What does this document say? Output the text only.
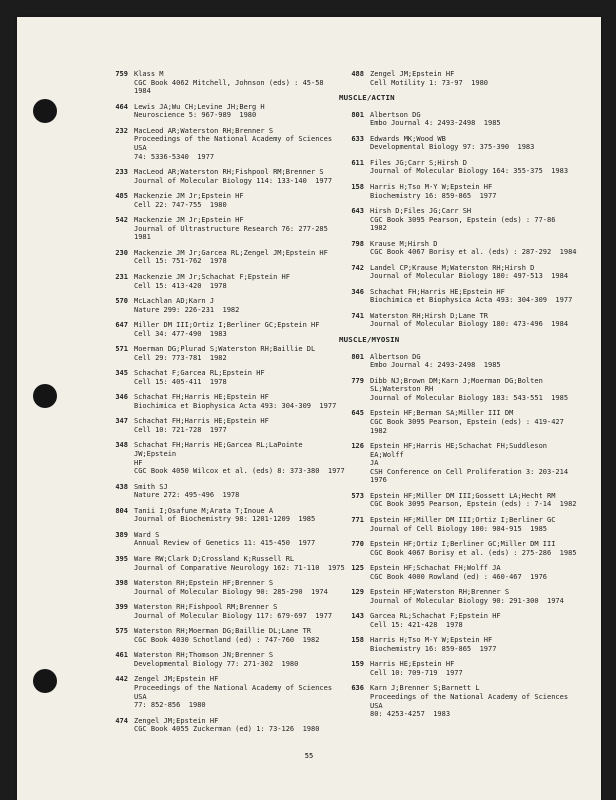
759 Klass M
CGC Book 4062 Mitchell, Johnson (eds) : 45-58  1984
464 Lewis JA;Wu CH;Levine JH;Berg H
Neuroscience 5: 967-989  1980
232 MacLeod AR;Waterston RH;Brenner S
Proceedings of the National Academy of Sciences USA
74: 5336-5340  1977
233 MacLeod AR;Waterston RH;Fishpool RM;Brenner S
Journal of Molecular Biology 114: 133-140  1977
485 Mackenzie JM Jr;Epstein HF
Cell 22: 747-755  1980
542 Mackenzie JM Jr;Epstein HF
Journal of Ultrastructure Research 76: 277-285  1981
230 Mackenzie JM Jr;Garcea RL;Zengel JM;Epstein HF
Cell 15: 751-762  1978
231 Mackenzie JM Jr;Schachat F;Epstein HF
Cell 15: 413-420  1978
570 McLachlan AD;Karn J
Nature 299: 226-231  1982
647 Miller DM III;Ortiz I;Berliner GC;Epstein HF
Cell 34: 477-490  1983
571 Moerman DG;Plurad S;Waterston RH;Baillie DL
Cell 29: 773-781  1982
345 Schachat F;Garcea RL;Epstein HF
Cell 15: 405-411  1978
346 Schachat FH;Harris HE;Epstein HF
Biochimica et Biophysica Acta 493: 304-309  1977
347 Schachat FH;Harris HE;Epstein HF
Cell 10: 721-728  1977
348 Schachat FH;Harris HE;Garcea RL;LaPointe JW;Epstein
HF
CGC Book 4050 Wilcox et al. (eds) 8: 373-380  1977
438 Smith SJ
Nature 272: 495-496  1978
804 Tanii I;Osafune M;Arata T;Inoue A
Journal of Biochemistry 98: 1201-1209  1985
389 Ward S
Annual Review of Genetics 11: 415-450  1977
395 Ware RW;Clark D;Crossland K;Russell RL
Journal of Comparative Neurology 162: 71-110  1975
398 Waterston RH;Epstein HF;Brenner S
Journal of Molecular Biology 90: 285-290  1974
399 Waterston RH;Fishpool RM;Brenner S
Journal of Molecular Biology 117: 679-697  1977
575 Waterston RH;Moerman DG;Baillie DL;Lane TR
CGC Book 4030 Schotland (ed) : 747-760  1982
461 Waterston RH;Thomson JN;Brenner S
Developmental Biology 77: 271-302  1980
442 Zengel JM;Epstein HF
Proceedings of the National Academy of Sciences USA
77: 852-856  1980
474 Zengel JM;Epstein HF
CGC Book 4055 Zuckerman (ed) 1: 73-126  1980
488 Zengel JM;Epstein HF
Cell Motility 1: 73-97  1980
MUSCLE/ACTIN
801 Albertson DG
Embo Journal 4: 2493-2498  1985
633 Edwards MK;Wood WB
Developmental Biology 97: 375-390  1983
611 Files JG;Carr S;Hirsh D
Journal of Molecular Biology 164: 355-375  1983
158 Harris H;Tso M-Y W;Epstein HF
Biochemistry 16: 859-865  1977
643 Hirsh D;Files JG;Carr SH
CGC Book 3095 Pearson, Epstein (eds) : 77-86  1982
798 Krause M;Hirsh D
CGC Book 4067 Borisy et al. (eds) : 287-292  1984
742 Landel CP;Krause M;Waterston RH;Hirsh D
Journal of Molecular Biology 180: 497-513  1984
346 Schachat FH;Harris HE;Epstein HF
Biochimica et Biophysica Acta 493: 304-309  1977
741 Waterston RH;Hirsh D;Lane TR
Journal of Molecular Biology 180: 473-496  1984
MUSCLE/MYOSIN
801 Albertson DG
Embo Journal 4: 2493-2498  1985
779 Dibb NJ;Brown DM;Karn J;Moerman DG;Bolten
SL;Waterston RH
Journal of Molecular Biology 183: 543-551  1985
645 Epstein HF;Berman SA;Miller III DM
CGC Book 3095 Pearson, Epstein (eds) : 419-427  1982
126 Epstein HF;Harris HE;Schachat FH;Suddleson EA;Wolff
JA
CSH Conference on Cell Proliferation 3: 203-214  1976
573 Epstein HF;Miller DM III;Gossett LA;Hecht RM
CGC Book 3095 Pearson, Epstein (eds) : 7-14  1982
771 Epstein HF;Miller DM III;Ortiz I;Berliner GC
Journal of Cell Biology 100: 904-915  1985
770 Epstein HF;Ortiz I;Berliner GC;Miller DM III
CGC Book 4067 Borisy et al. (eds) : 275-286  1985
125 Epstein HF;Schachat FH;Wolff JA
CGC Book 4000 Rowland (ed) : 460-467  1976
129 Epstein HF;Waterston RH;Brenner S
Journal of Molecular Biology 90: 291-300  1974
143 Garcea RL;Schachat F;Epstein HF
Cell 15: 421-428  1978
158 Harris H;Tso M-Y W;Epstein HF
Biochemistry 16: 859-865  1977
159 Harris HE;Epstein HF
Cell 10: 709-719  1977
636 Karn J;Brenner S;Barnett L
Proceedings of the National Academy of Sciences USA
80: 4253-4257  1983
55
